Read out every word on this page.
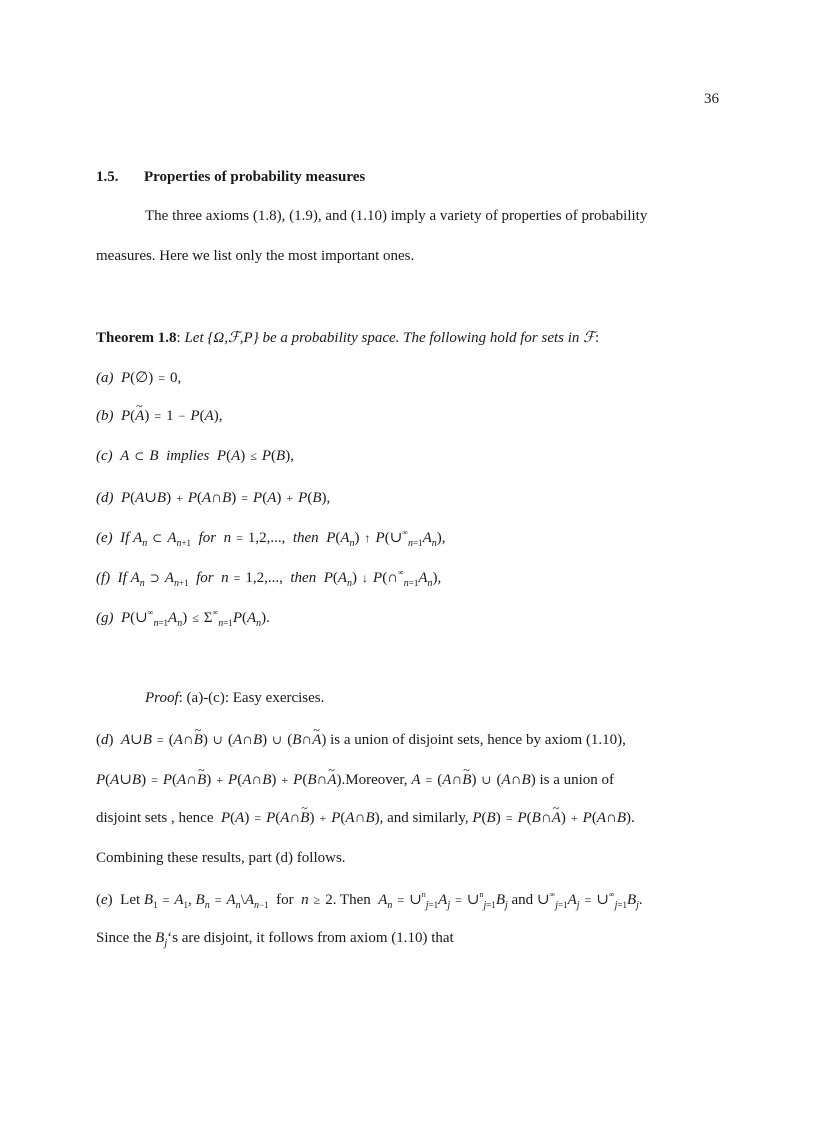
36
1.5. Properties of probability measures
The three axioms (1.8), (1.9), and (1.10) imply a variety of properties of probability
measures. Here we list only the most important ones.
Theorem 1.8: Let {Ω,ℱ,P} be a probability space. The following hold for sets in ℱ:
(a) P(∅) = 0,
(b) P(A ~) = 1 − P(A),
(c) A ⊂ B implies P(A) ≤ P(B),
(d) P(A∪B) + P(A∩B) = P(A) + P(B),
(e) If $A_n$ ⊂ $A_{n+1}$ for n = 1,2,...,  then $P(A_n)$ ↑ $P(\cup^\infty_{n=1}A_n)$,
(f) If $A_n$ ⊃ $A_{n+1}$ for n = 1,2,...,  then $P(A_n)$ ↓ $P(\cap^\infty_{n=1}A_n)$,
(g) $P(\cup^\infty_{n=1}A_n) \le \Sigma^\infty_{n=1}P(A_n)$.
Proof: (a)-(c): Easy exercises.
(d)  A∪B = (A∩B ~) ∪ (A∩B) ∪ (B∩A ~) is a union of disjoint sets, hence by axiom (1.10),
P(A∪B) = P(A∩B ~) + P(A∩B) + P(B∩A ~).Moreover, A = (A∩B ~) ∪ (A∩B) is a union of
disjoint sets , hence P(A) = P(A∩B ~) + P(A∩B), and similarly, P(B) = P(B∩A ~) + P(A∩B).
Combining these results, part (d) follows.
(e)  Let $B_1 = A_1$, $B_n$ = $A_n\backslash A_{n-1}$  for  n ≥ 2. Then $A_n$ = $\cup^n_{j=1}A_j$ = $\cup^n_{j=1}B_j$ and $\cup^\infty_{j=1}A_j$ = $\cup^\infty_{j=1}B_j$.
Since the $B_j‘s$ are disjoint, it follows from axiom (1.10) that
